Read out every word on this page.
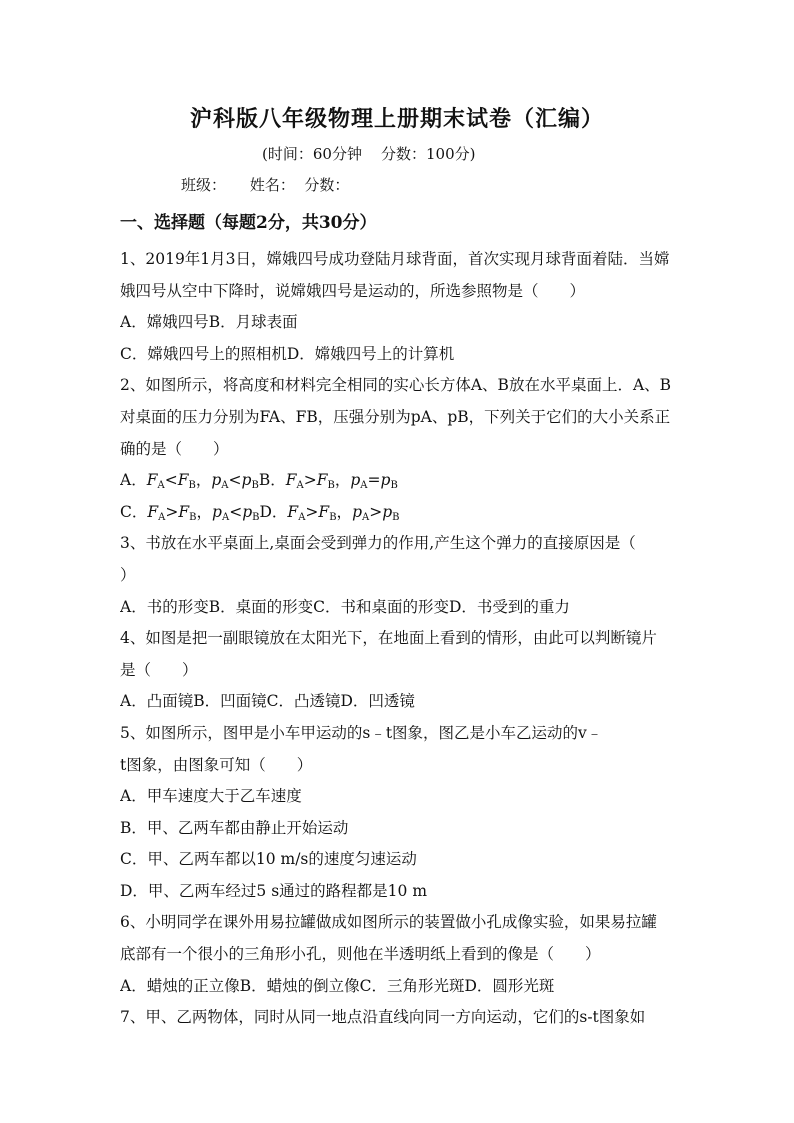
沪科版八年级物理上册期末试卷（汇编）
(时间：60分钟    分数：100分)
班级：     姓名：  分数：
一、选择题（每题2分，共30分）
1、2019年1月3日，嫦娥四号成功登陆月球背面，首次实现月球背面着陆．当嫦
娥四号从空中下降时，说嫦娥四号是运动的，所选参照物是（　　）
A．嫦娥四号B．月球表面
C．嫦娥四号上的照相机D．嫦娥四号上的计算机
2、如图所示，将高度和材料完全相同的实心长方体A、B放在水平桌面上．A、B
对桌面的压力分别为FA、FB，压强分别为pA、pB，下列关于它们的大小关系正
确的是（　　）
A．$F_A<F_B$，$p_A<p_BB$．$F_A>F_B$，$p_A=p_B$
C．$F_A>F_B$，$p_A<p_BD$．$F_A>F_B$，$p_A>p_B$
3、书放在水平桌面上,桌面会受到弹力的作用,产生这个弹力的直接原因是（
）
A．书的形变B．桌面的形变C．书和桌面的形变D．书受到的重力
4、如图是把一副眼镜放在太阳光下，在地面上看到的情形，由此可以判断镜片
是（　　）
A．凸面镜B．凹面镜C．凸透镜D．凹透镜
5、如图所示，图甲是小车甲运动的s﹣t图象，图乙是小车乙运动的v﹣
t图象，由图象可知（　　）
A．甲车速度大于乙车速度
B．甲、乙两车都由静止开始运动
C．甲、乙两车都以10 m/s的速度匀速运动
D．甲、乙两车经过5 s通过的路程都是10 m
6、小明同学在课外用易拉罐做成如图所示的装置做小孔成像实验，如果易拉罐
底部有一个很小的三角形小孔，则他在半透明纸上看到的像是（　　）
A．蜡烛的正立像B．蜡烛的倒立像C．三角形光斑D．圆形光斑
7、甲、乙两物体，同时从同一地点沿直线向同一方向运动，它们的s-t图象如
